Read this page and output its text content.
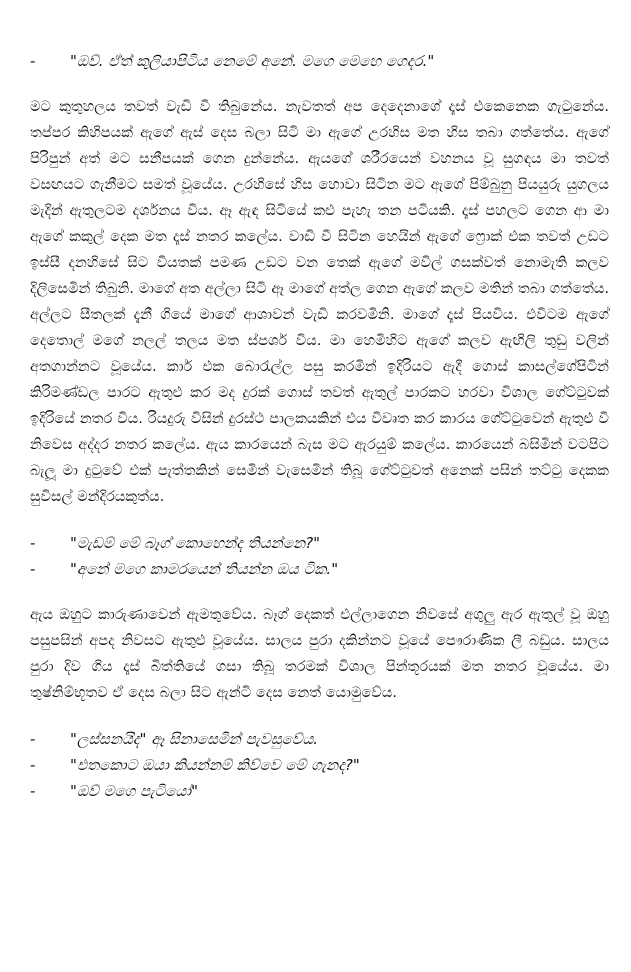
- "ඔව්. ඒත් කුලියාපිටිය නෙමේ අනේ. මගෙ මෙහෙ ගෙදර."

මට කුතුහලය තවත් වැඩි වී තිබුනේය. නැවතත් අප දෙදෙනාගේ දෑස් එකෙනෙක ගැටුනේය. තප්පර කිහිපයක් ඇගේ ඇස් දෙස බලා සිටි මා ඇගේ උරහිස මත හිස තබා ගත්තේය. ඇගේ පිරිපුන් අත් මට සනීපයක් ගෙන දුන්නේය. ඇයගේ ශරීරයෙන් වහනය වූ සුගඳය මා තවත් වසඟයට ගැනීමට සමත් වූයේය. උරහිසේ හිස හොවා සිටින මට ඇගේ පිම්බුනු පියයුරු යුගලය මැදින් ඇතුලටම දර්ශනය විය. ඈ ඇඳ සිටියේ කළු පැහැ තන පටියකි. දෑස් පහලට ගෙන ආ මා ඇගේ කකුල් දෙක මත දෑස් නතර කලේය. වාඩි වී සිටින හෙයින් ඇගේ ෆ්‍රොක් එක තවත් උඩට ඉස්සී දනහිසේ සිට වියතක් පමණ උඩට වන තෙක් ඇගේ මවිල් ගසක්වත් නොමැති කලව දිලිසෙමින් තිබුනි. මාගේ අත අල්ලා සිටි ඈ මාගේ අත්ල ගෙන ඇගේ කලව මතින් තබා ගත්තේය. අල්ලට සීතලක් දැනී ගියේ මාගේ ආශාවන් වැඩි කරවමිනි. මාගේ දෑස් පියවිය. එවිටම ඇගේ දෙතොල් මගේ නලල් තලය මත ස්පර්ශ විය. මා හෙමිහිට ඇගේ කලව ඇඟිලි තුඩු වලින් අතගාන්නට වූයේය. කාර් එක බොරැල්ල පසු කරමින් ඉදිරියට ඇදී ගොස් කාසල්ගේපිටින් කිරිමණ්ඩල පාරට ඇතුළු කර මද දුරක් ගොස් තවත් ඇතුල් පාරකට හරවා විශාල ගේට්ටුවක් ඉදිරියේ නතර විය. රියදුරු විසින් දුරස්ථ පාලකයකින් එය විවෘත කර කාරය ගේට්ටුවෙන් ඇතුළු වී නිවෙස අද්දර නතර කලේය. ඇය කාරයෙන් බැස මට ඇරයුම් කලේය. කාරයෙන් බසිමින් වටපිට බැලූ මා දුටුවේ එක් පැත්තකින් සෙමින් වැසෙමින් තිබූ ගේට්ටුවත් අනෙක් පසින් තට්ටු දෙකක සුවිසල් මන්දිරයකුත්ය.

- "මැඩම් මේ බෑග් කොහෙන්ද තියන්නෙ?"
- "අනේ මගෙ කාමරයෙන් තියන්න ඔය ටික."

ඇය ඔහුට කාරුණාවෙන් ඇමතුවේය. බෑග් දෙකත් එල්ලාගෙන නිවසේ අගුලු ඇර ඇතුල් වූ ඔහු පසුපසින් අපද නිවසට ඇතුළු වූයේය. සාලය පුරා දකින්නට වූයේ පෞරාණික ලී බඩුය. සාලය පුරා දිව ගිය දෑස් බිත්තියේ ගසා තිබූ තරමක් විශාල පින්තූරයක් මත නතර වූයේය. මා තුෂ්නිම්භූතව ඒ දෙස බලා සිට ඇන්ටි දෙස නෙත් යොමුවේය.

- "ලස්සනයිද" ඈ සිනාසෙමින් පැවසුවේය.
- "එතකොට ඔයා කියන්නම් කිව්වෙ මේ ගැනද?"
- "ඔව් මගෙ පැටියෝ"
